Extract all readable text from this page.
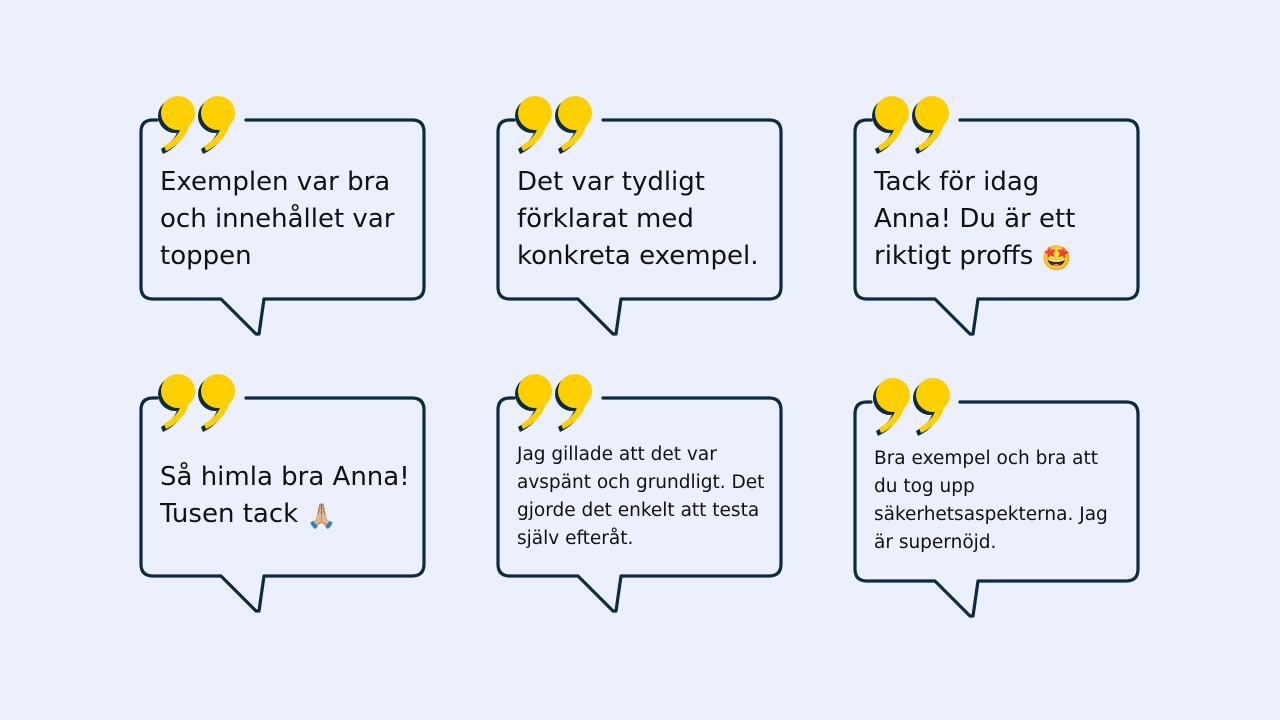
Exemplen var bra och innehållet var toppen

Det var tydligt förklarat med konkreta exempel.

Tack för idag Anna! Du är ett riktigt proffs 🤩

Så himla bra Anna! Tusen tack 🙏🏼

Jag gillade att det var avspänt och grundligt. Det gjorde det enkelt att testa själv efteråt.

Bra exempel och bra att du tog upp säkerhetsaspekterna. Jag är supernöjd.
